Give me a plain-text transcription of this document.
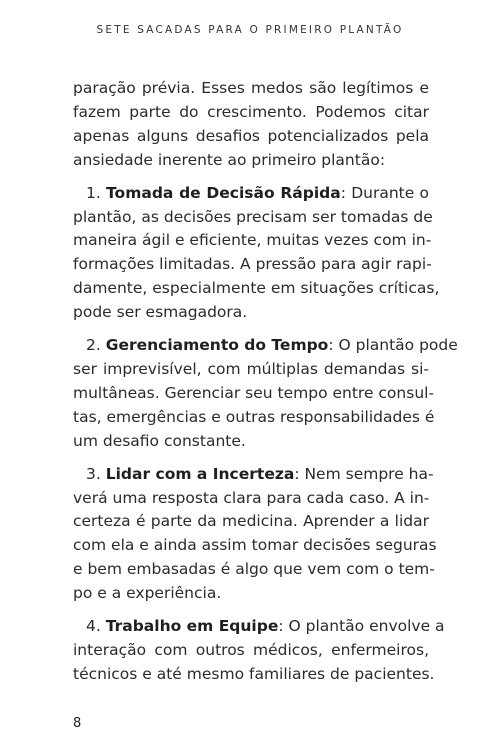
SETE SACADAS PARA O PRIMEIRO PLANTÃO
paração prévia. Esses medos são legítimos e
fazem parte do crescimento. Podemos citar
apenas alguns desafios potencializados pela
ansiedade inerente ao primeiro plantão:
1. Tomada de Decisão Rápida: Durante o
plantão, as decisões precisam ser tomadas de
maneira ágil e eficiente, muitas vezes com in-
formações limitadas. A pressão para agir rapi-
damente, especialmente em situações críticas,
pode ser esmagadora.
2. Gerenciamento do Tempo: O plantão pode
ser imprevisível, com múltiplas demandas si-
multâneas. Gerenciar seu tempo entre consul-
tas, emergências e outras responsabilidades é
um desafio constante.
3. Lidar com a Incerteza: Nem sempre ha-
verá uma resposta clara para cada caso. A in-
certeza é parte da medicina. Aprender a lidar
com ela e ainda assim tomar decisões seguras
e bem embasadas é algo que vem com o tem-
po e a experiência.
4. Trabalho em Equipe: O plantão envolve a
interação com outros médicos, enfermeiros,
técnicos e até mesmo familiares de pacientes.
8
